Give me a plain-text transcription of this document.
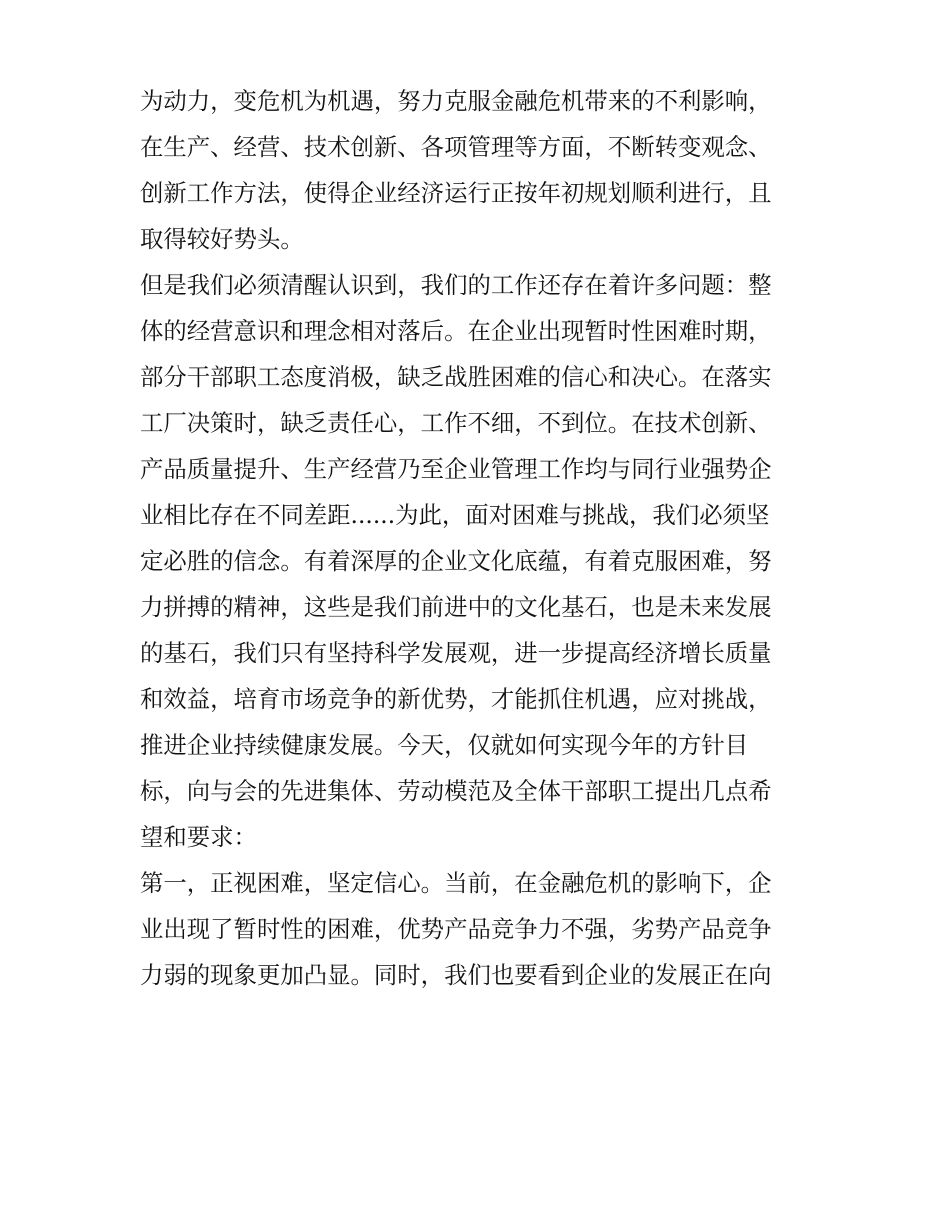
为动力，变危机为机遇，努力克服金融危机带来的不利影响，
在生产、经营、技术创新、各项管理等方面，不断转变观念、
创新工作方法，使得企业经济运行正按年初规划顺利进行，且
取得较好势头。

但是我们必须清醒认识到，我们的工作还存在着许多问题：整
体的经营意识和理念相对落后。在企业出现暂时性困难时期，
部分干部职工态度消极，缺乏战胜困难的信心和决心。在落实
工厂决策时，缺乏责任心，工作不细，不到位。在技术创新、
产品质量提升、生产经营乃至企业管理工作均与同行业强势企
业相比存在不同差距......为此，面对困难与挑战，我们必须坚
定必胜的信念。有着深厚的企业文化底蕴，有着克服困难，努
力拼搏的精神，这些是我们前进中的文化基石，也是未来发展
的基石，我们只有坚持科学发展观，进一步提高经济增长质量
和效益，培育市场竞争的新优势，才能抓住机遇，应对挑战，
推进企业持续健康发展。今天，仅就如何实现今年的方针目
标，向与会的先进集体、劳动模范及全体干部职工提出几点希
望和要求：

第一，正视困难，坚定信心。当前，在金融危机的影响下，企
业出现了暂时性的困难，优势产品竞争力不强，劣势产品竞争
力弱的现象更加凸显。同时，我们也要看到企业的发展正在向
